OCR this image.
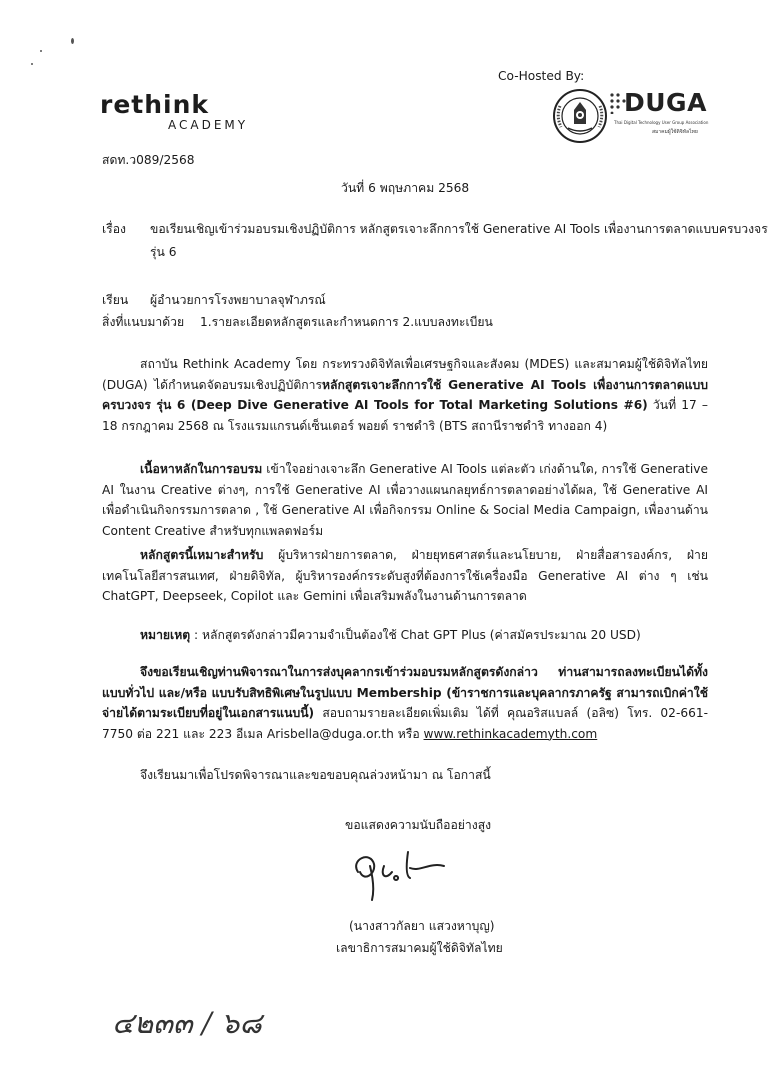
Co-Hosted By:
rethink
ACADEMY
DUGA
Thai Digital Technology User Group Association
สมาคมผู้ใช้ดิจิทัลไทย
สดท.ว089/2568
วันที่ 6 พฤษภาคม 2568
เรื่อง ขอเรียนเชิญเข้าร่วมอบรมเชิงปฏิบัติการ หลักสูตรเจาะลึกการใช้ Generative AI Tools เพื่องานการตลาดแบบครบวงจร
รุ่น 6
เรียน ผู้อำนวยการโรงพยาบาลจุฬาภรณ์
สิ่งที่แนบมาด้วย 1.รายละเอียดหลักสูตรและกำหนดการ 2.แบบลงทะเบียน
สถาบัน Rethink Academy โดย กระทรวงดิจิทัลเพื่อเศรษฐกิจและสังคม (MDES) และสมาคมผู้ใช้ดิจิทัลไทย (DUGA) ได้กำหนดจัดอบรมเชิงปฏิบัติการหลักสูตรเจาะลึกการใช้ Generative AI Tools เพื่องานการตลาดแบบครบวงจร รุ่น 6 (Deep Dive Generative AI Tools for Total Marketing Solutions #6) วันที่ 17 – 18 กรกฎาคม 2568 ณ โรงแรมแกรนด์เซ็นเตอร์ พอยต์ ราชดำริ (BTS สถานีราชดำริ ทางออก 4)
เนื้อหาหลักในการอบรม เข้าใจอย่างเจาะลึก Generative AI Tools แต่ละตัว เก่งด้านใด, การใช้ Generative AI ในงาน Creative ต่างๆ, การใช้ Generative AI เพื่อวางแผนกลยุทธ์การตลาดอย่างได้ผล, ใช้ Generative AI เพื่อดำเนินกิจกรรมการตลาด , ใช้ Generative AI เพื่อกิจกรรม Online & Social Media Campaign, เพื่องานด้าน Content Creative สำหรับทุกแพลตฟอร์ม
หลักสูตรนี้เหมาะสำหรับ ผู้บริหารฝ่ายการตลาด, ฝ่ายยุทธศาสตร์และนโยบาย, ฝ่ายสื่อสารองค์กร, ฝ่ายเทคโนโลยีสารสนเทศ, ฝ่ายดิจิทัล, ผู้บริหารองค์กรระดับสูงที่ต้องการใช้เครื่องมือ Generative AI ต่าง ๆ เช่น ChatGPT, Deepseek, Copilot และ Gemini เพื่อเสริมพลังในงานด้านการตลาด
หมายเหตุ : หลักสูตรดังกล่าวมีความจำเป็นต้องใช้ Chat GPT Plus (ค่าสมัครประมาณ 20 USD)
จึงขอเรียนเชิญท่านพิจารณาในการส่งบุคลากรเข้าร่วมอบรมหลักสูตรดังกล่าว ท่านสามารถลงทะเบียนได้ทั้งแบบทั่วไป และ/หรือ แบบรับสิทธิพิเศษในรูปแบบ Membership (ข้าราชการและบุคลากรภาครัฐ สามารถเบิกค่าใช้จ่ายได้ตามระเบียบที่อยู่ในเอกสารแนบนี้) สอบถามรายละเอียดเพิ่มเติม ได้ที่ คุณอริสแบลล์ (อลิซ) โทร. 02-661-7750 ต่อ 221 และ 223 อีเมล Arisbella@duga.or.th หรือ www.rethinkacademyth.com
จึงเรียนมาเพื่อโปรดพิจารณาและขอขอบคุณล่วงหน้ามา ณ โอกาสนี้
ขอแสดงความนับถืออย่างสูง
(นางสาวกัลยา แสวงหาบุญ)
เลขาธิการสมาคมผู้ใช้ดิจิทัลไทย
๔๒๓๓ / ๖๘
